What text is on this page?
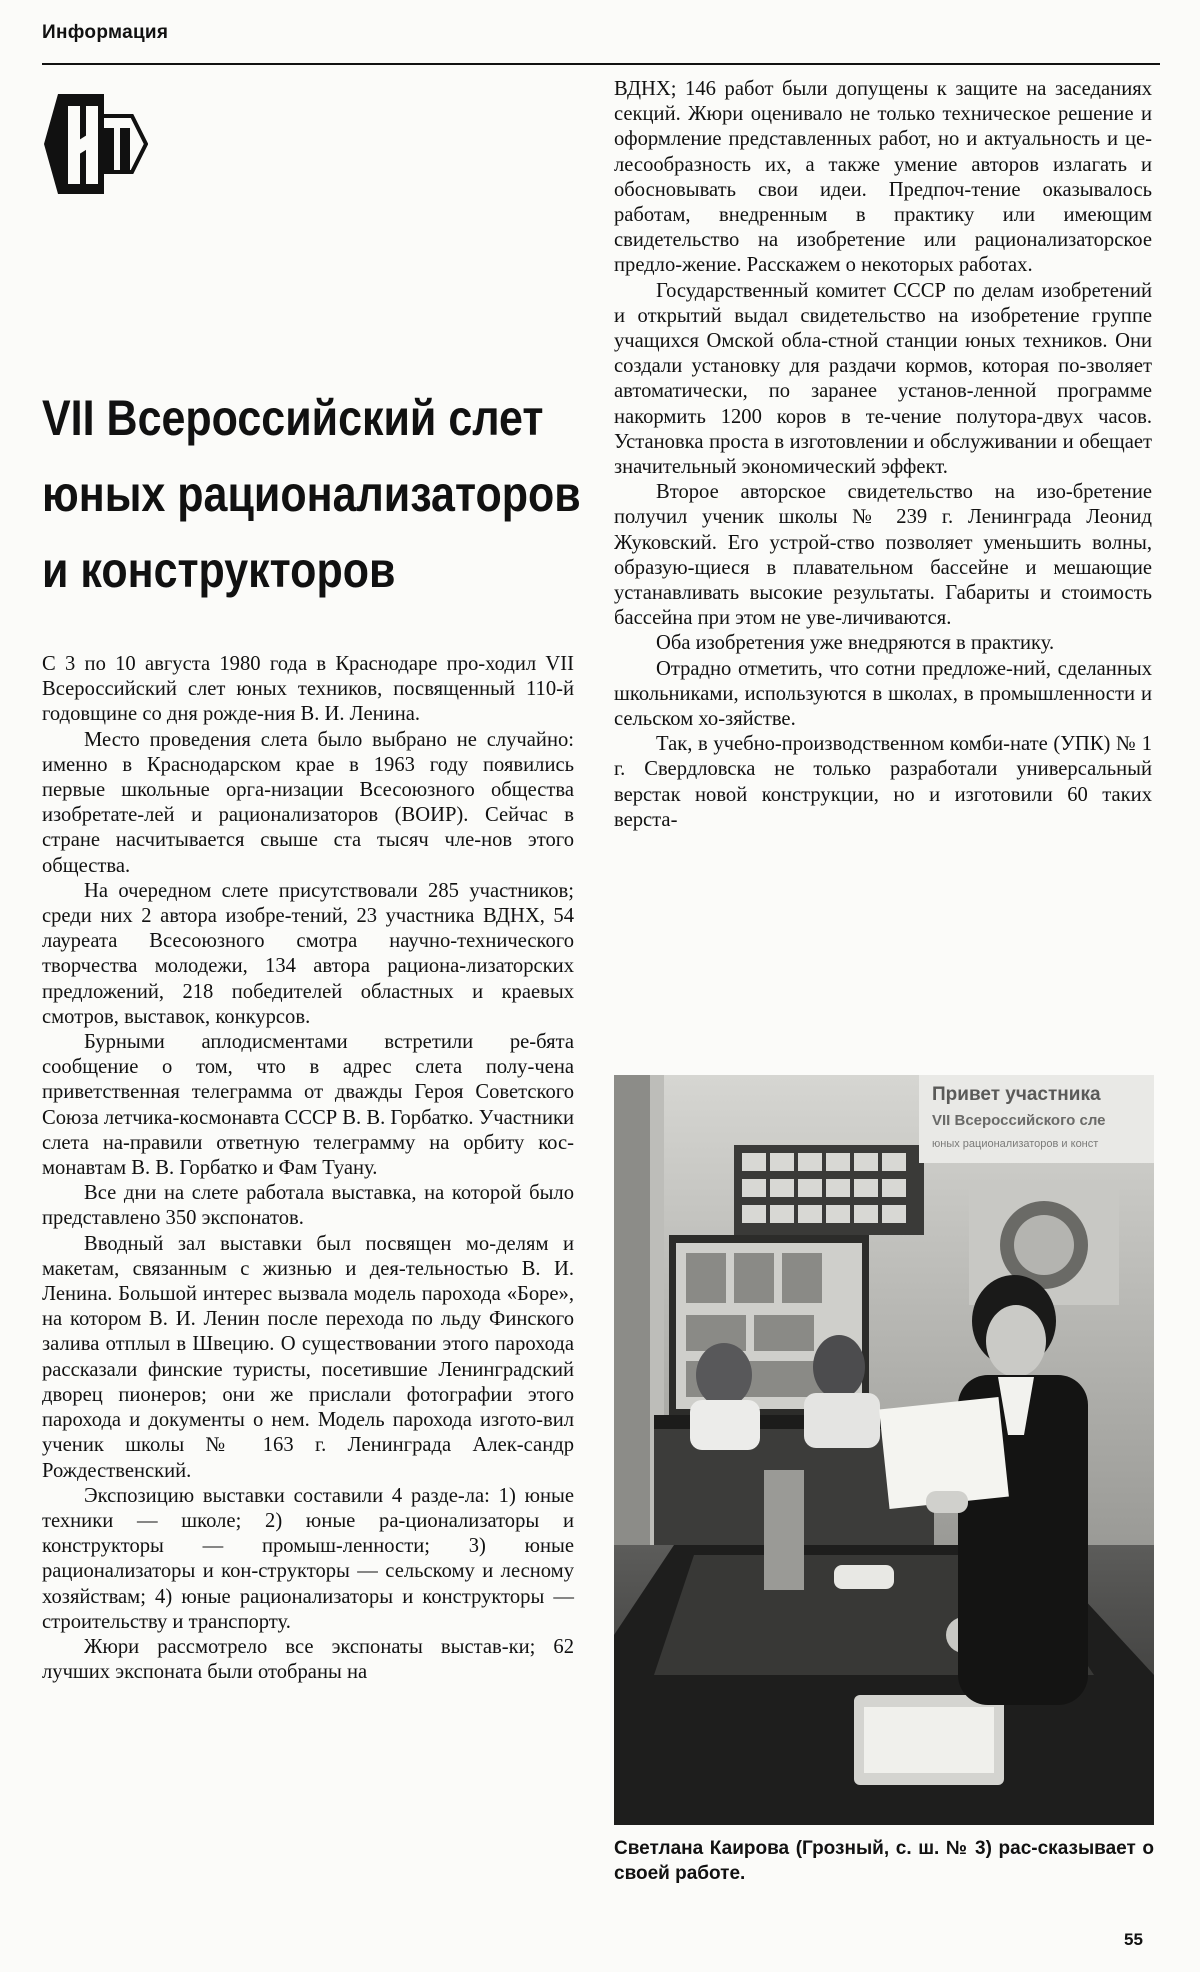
Информация
VII Всероссийский слет
юных рационализаторов
и конструкторов

С 3 по 10 августа 1980 года в Краснодаре про-ходил VII Всероссийский слет юных техников, посвященный 110-й годовщине со дня рожде-ния В. И. Ленина.

Место проведения слета было выбрано не случайно: именно в Краснодарском крае в 1963 году появились первые школьные орга-низации Всесоюзного общества изобретате-лей и рационализаторов (ВОИР). Сейчас в стране насчитывается свыше ста тысяч чле-нов этого общества.

На очередном слете присутствовали 285 участников; среди них 2 автора изобре-тений, 23 участника ВДНХ, 54 лауреата Всесоюзного смотра научно-технического творчества молодежи, 134 автора рациона-лизаторских предложений, 218 победителей областных и краевых смотров, выставок, конкурсов.

Бурными аплодисментами встретили ре-бята сообщение о том, что в адрес слета полу-чена приветственная телеграмма от дважды Героя Советского Союза летчика-космонавта СССР В. В. Горбатко. Участники слета на-правили ответную телеграмму на орбиту кос-монавтам В. В. Горбатко и Фам Туану.

Все дни на слете работала выставка, на которой было представлено 350 экспонатов.

Вводный зал выставки был посвящен мо-делям и макетам, связанным с жизнью и дея-тельностью В. И. Ленина. Большой интерес вызвала модель парохода «Боре», на котором В. И. Ленин после перехода по льду Финского залива отплыл в Швецию. О существовании этого парохода рассказали финские туристы, посетившие Ленинградский дворец пионеров; они же прислали фотографии этого парохода и документы о нем. Модель парохода изгото-вил ученик школы № 163 г. Ленинграда Алек-сандр Рождественский.

Экспозицию выставки составили 4 разде-ла: 1) юные техники — школе; 2) юные ра-ционализаторы и конструкторы — промыш-ленности; 3) юные рационализаторы и кон-структоры — сельскому и лесному хозяйствам; 4) юные рационализаторы и конструкторы — строительству и транспорту.

Жюри рассмотрело все экспонаты выстав-ки; 62 лучших экспоната были отобраны на

ВДНХ; 146 работ были допущены к защите на заседаниях секций. Жюри оценивало не только техническое решение и оформление представленных работ, но и актуальность и це-лесообразность их, а также умение авторов излагать и обосновывать свои идеи. Предпоч-тение оказывалось работам, внедренным в практику или имеющим свидетельство на изобретение или рационализаторское предло-жение. Расскажем о некоторых работах.

Государственный комитет СССР по делам изобретений и открытий выдал свидетельство на изобретение группе учащихся Омской обла-стной станции юных техников. Они создали установку для раздачи кормов, которая по-зволяет автоматически, по заранее установ-ленной программе накормить 1200 коров в те-чение полутора-двух часов. Установка проста в изготовлении и обслуживании и обещает значительный экономический эффект.

Второе авторское свидетельство на изо-бретение получил ученик школы № 239 г. Ленинграда Леонид Жуковский. Его устрой-ство позволяет уменьшить волны, образую-щиеся в плавательном бассейне и мешающие устанавливать высокие результаты. Габариты и стоимость бассейна при этом не уве-личиваются.

Оба изобретения уже внедряются в практику.

Отрадно отметить, что сотни предложе-ний, сделанных школьниками, используются в школах, в промышленности и сельском хо-зяйстве.

Так, в учебно-производственном комби-нате (УПК) № 1 г. Свердловска не только разработали универсальный верстак новой конструкции, но и изготовили 60 таких верста-

Привет участника
VII Всероссийского сле
юных рационализаторов и конст
Светлана Каирова (Грозный, с. ш. № 3) рас-сказывает о своей работе.
55
